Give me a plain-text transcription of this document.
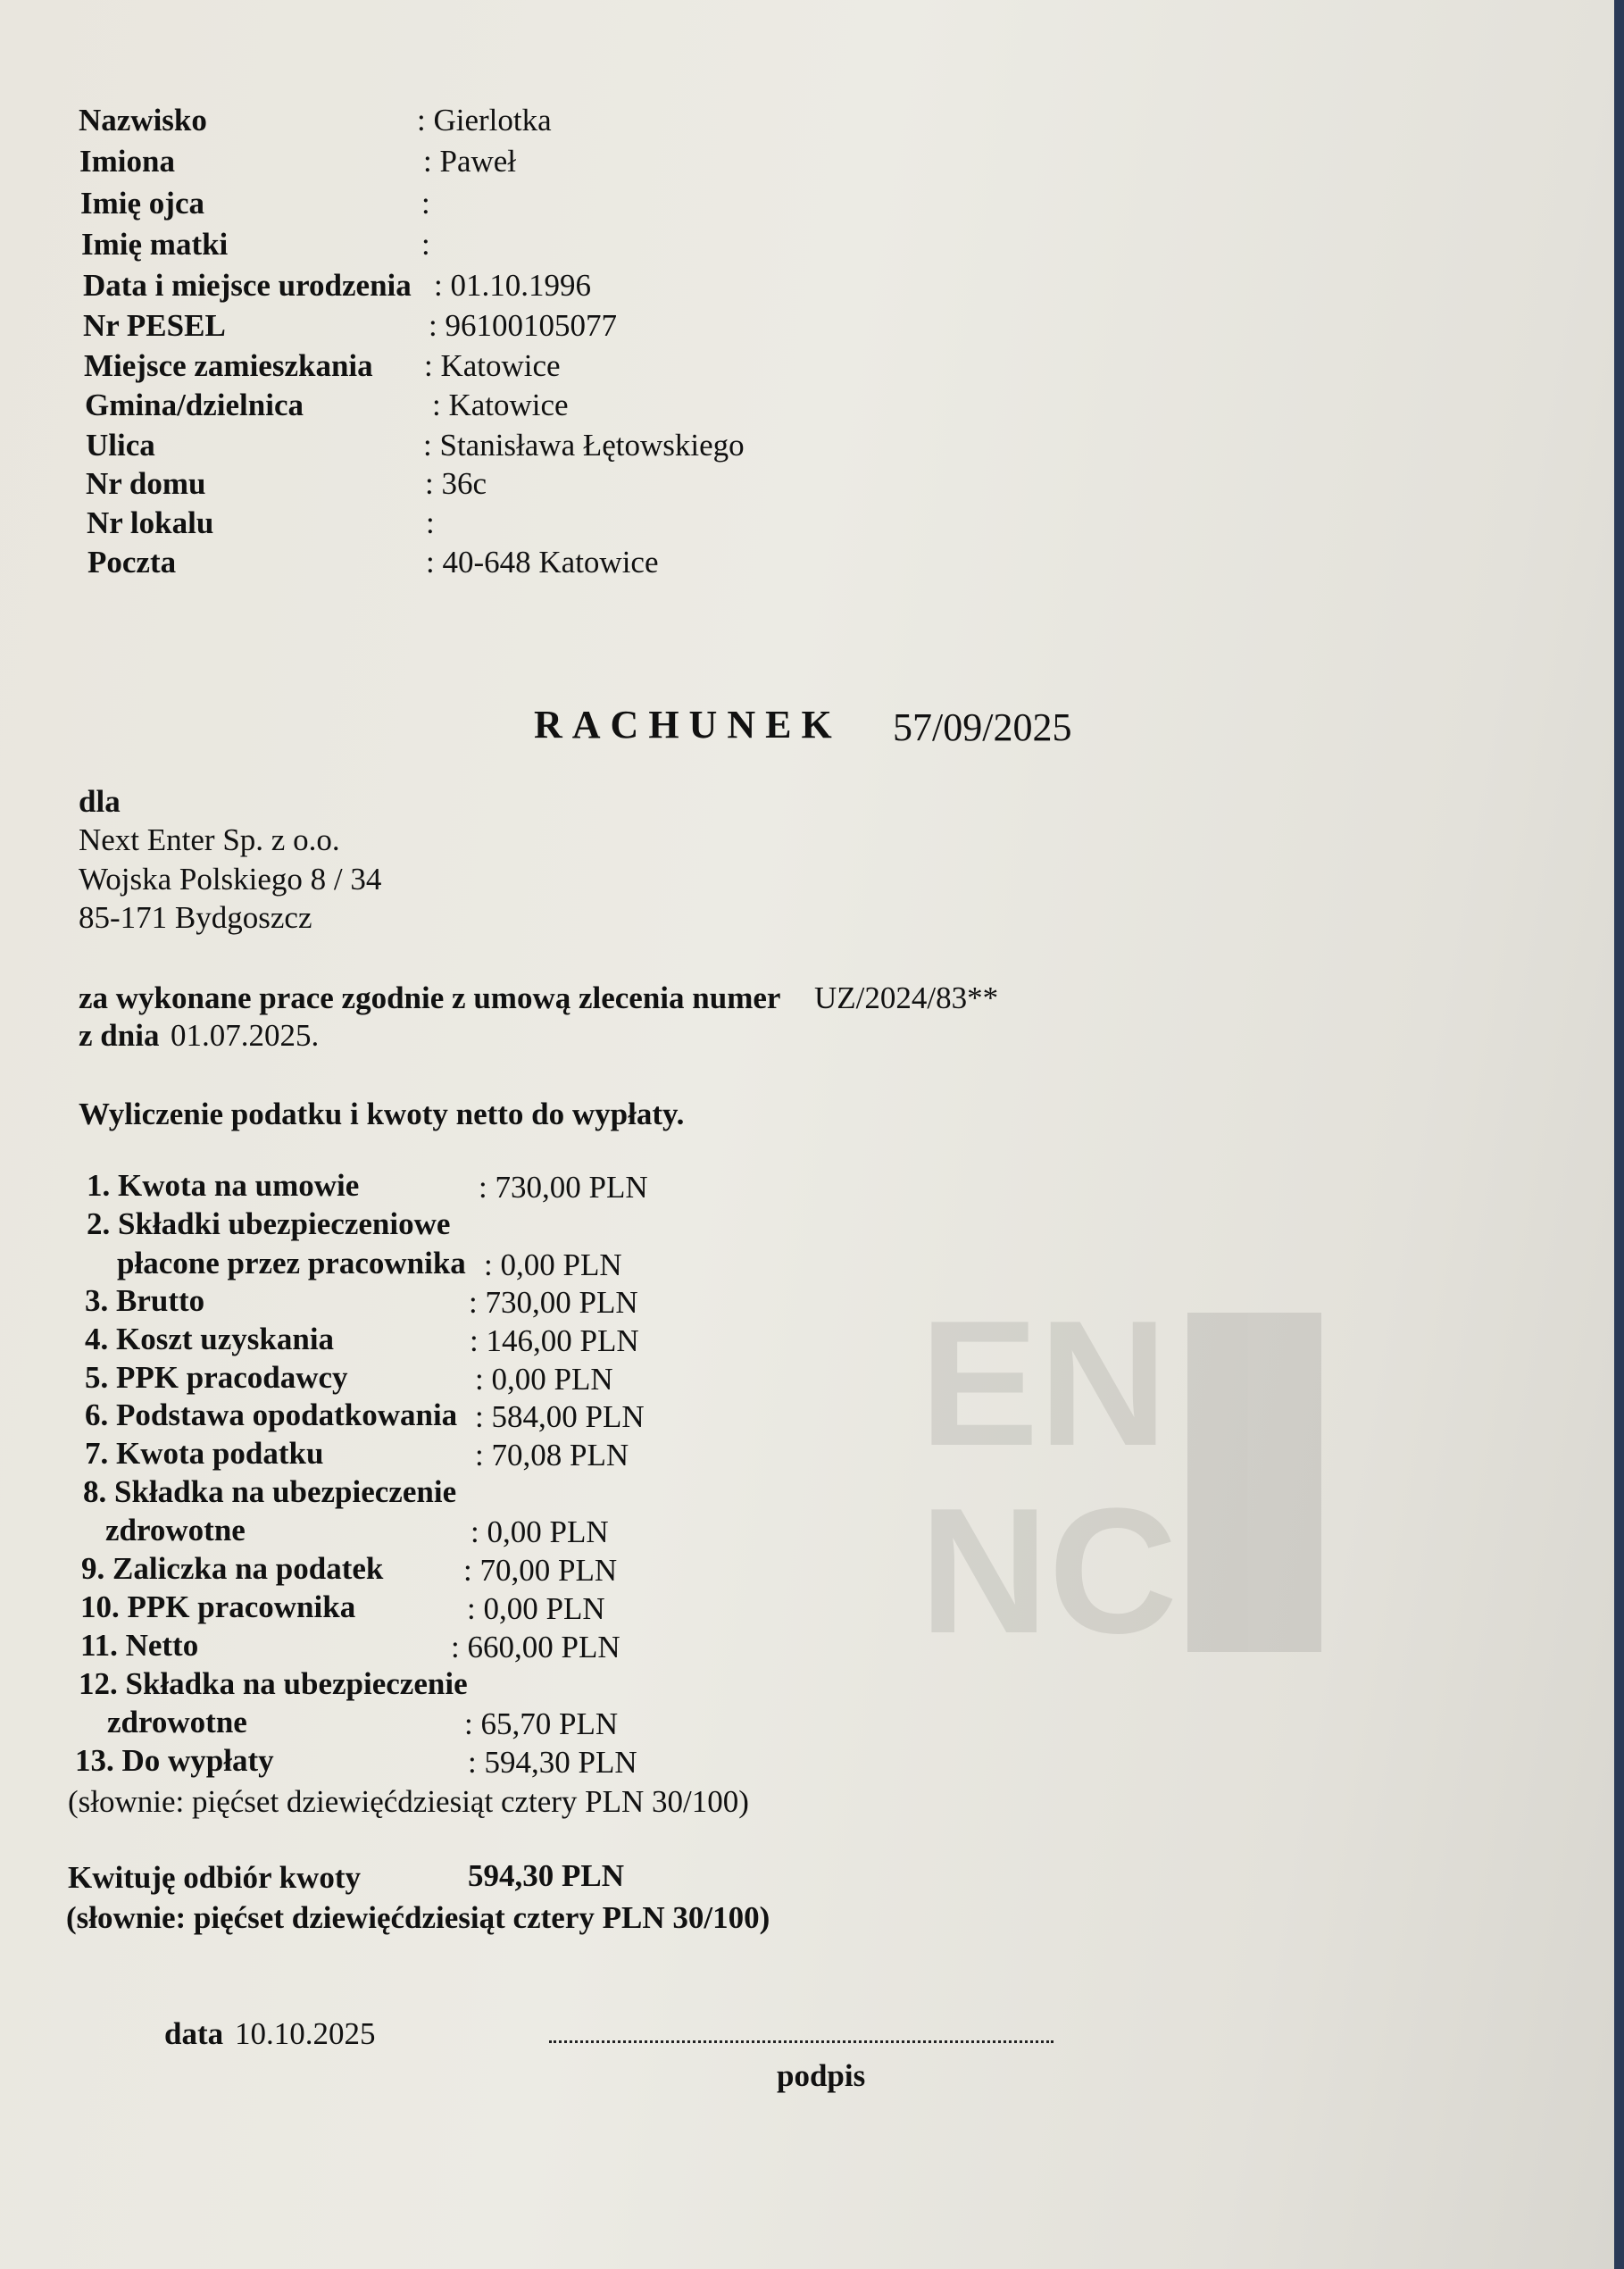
EN
NC
Nazwisko	: Gierlotka
Imiona	: Paweł
Imię ojca	:
Imię matki	:
Data i miejsce urodzenia : 01.10.1996
Nr PESEL	: 96100105077
Miejsce zamieszkania : Katowice
Gmina/dzielnica	: Katowice
Ulica	: Stanisława Łętowskiego
Nr domu	: 36c
Nr lokalu	:
Poczta	: 40-648 Katowice
RACHUNEK 57/09/2025
dla
Next Enter Sp. z o.o.
Wojska Polskiego 8 / 34
85-171 Bydgoszcz
za wykonane prace zgodnie z umową zlecenia numer UZ/2024/83**
z dnia 01.07.2025.
Wyliczenie podatku i kwoty netto do wypłaty.
1. Kwota na umowie	: 730,00 PLN
2. Składki ubezpieczeniowe
płacone przez pracownika : 0,00 PLN
3. Brutto	: 730,00 PLN
4. Koszt uzyskania	: 146,00 PLN
5. PPK pracodawcy	: 0,00 PLN
6. Podstawa opodatkowania : 584,00 PLN
7. Kwota podatku	: 70,08 PLN
8. Składka na ubezpieczenie
zdrowotne	: 0,00 PLN
9. Zaliczka na podatek	: 70,00 PLN
10. PPK pracownika	: 0,00 PLN
11. Netto	: 660,00 PLN
12. Składka na ubezpieczenie
zdrowotne	: 65,70 PLN
13. Do wypłaty	: 594,30 PLN
(słownie: pięćset dziewięćdziesiąt cztery PLN 30/100)
Kwituję odbiór kwoty	594,30 PLN
(słownie: pięćset dziewięćdziesiąt cztery PLN 30/100)
data 10.10.2025
podpis
